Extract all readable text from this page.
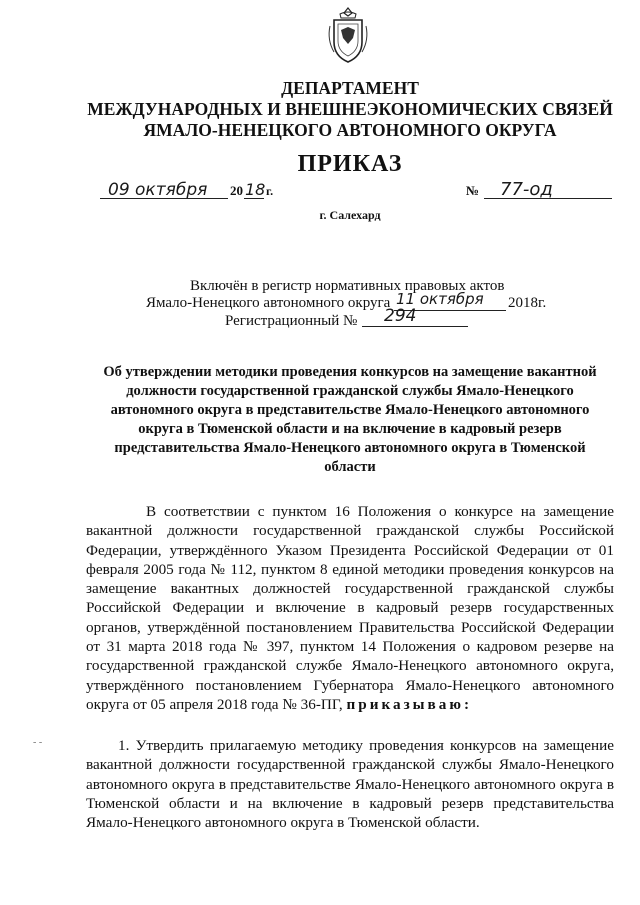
ДЕПАРТАМЕНТ
МЕЖДУНАРОДНЫХ И ВНЕШНЕЭКОНОМИЧЕСКИХ СВЯЗЕЙ
ЯМАЛО-НЕНЕЦКОГО АВТОНОМНОГО ОКРУГА
ПРИКАЗ
09 октября 20 18 г.	№ 77-од
г. Салехард
Включён в регистр нормативных правовых актов
Ямало-Ненецкого автономного округа 11 октября 2018г.
Регистрационный № 294
Об утверждении методики проведения конкурсов на замещение вакантной должности государственной гражданской службы Ямало-Ненецкого автономного округа в представительстве Ямало-Ненецкого автономного округа в Тюменской области и на включение в кадровый резерв представительства Ямало-Ненецкого автономного округа в Тюменской области
В соответствии с пунктом 16 Положения о конкурсе на замещение вакантной должности государственной гражданской службы Российской Федерации, утверждённого Указом Президента Российской Федерации от 01 февраля 2005 года № 112, пунктом 8 единой методики проведения конкурсов на замещение вакантных должностей государственной гражданской службы Российской Федерации и включение в кадровый резерв государственных органов, утверждённой постановлением Правительства Российской Федерации от 31 марта 2018 года № 397, пунктом 14 Положения о кадровом резерве на государственной гражданской службе Ямало-Ненецкого автономного округа, утверждённого постановлением Губернатора Ямало-Ненецкого автономного округа от 05 апреля 2018 года № 36-ПГ, приказываю:
- -	1. Утвердить прилагаемую методику проведения конкурсов на замещение вакантной должности государственной гражданской службы Ямало-Ненецкого автономного округа в представительстве Ямало-Ненецкого автономного округа в Тюменской области и на включение в кадровый резерв представительства Ямало-Ненецкого автономного округа в Тюменской области.
